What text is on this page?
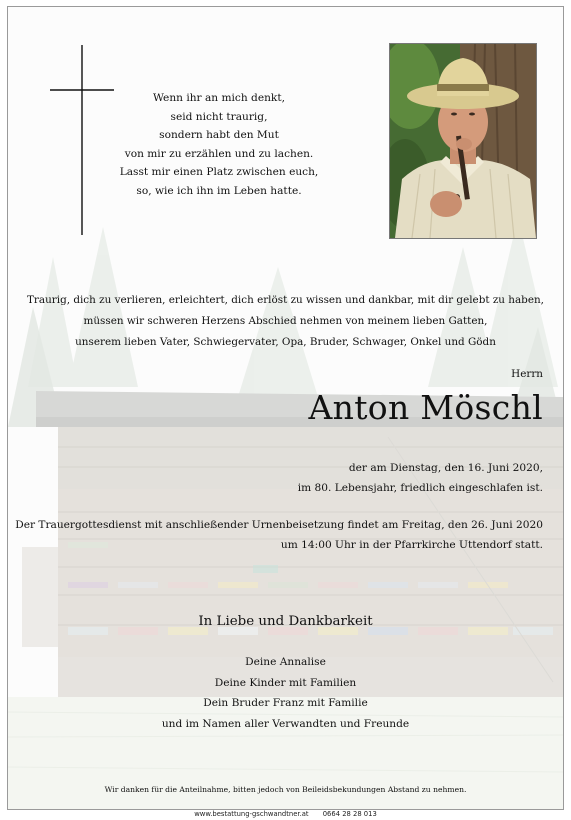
Wenn ihr an mich denkt,
seid nicht traurig,
sondern habt den Mut
von mir zu erzählen und zu lachen.
Lasst mir einen Platz zwischen euch,
so, wie ich ihn im Leben hatte.
Traurig, dich zu verlieren, erleichtert, dich erlöst zu wissen und dankbar, mit dir gelebt zu haben,
müssen wir schweren Herzens Abschied nehmen von meinem lieben Gatten,
unserem lieben Vater, Schwiegervater, Opa, Bruder, Schwager, Onkel und Gödn
Herrn
Anton Möschl
der am Dienstag, den 16. Juni 2020,
im 80. Lebensjahr, friedlich eingeschlafen ist.
Der Trauergottesdienst mit anschließender Urnenbeisetzung findet am Freitag, den 26. Juni 2020
um 14:00 Uhr in der Pfarrkirche Uttendorf statt.
In Liebe und Dankbarkeit
Deine Annalise
Deine Kinder mit Familien
Dein Bruder Franz mit Familie
und im Namen aller Verwandten und Freunde
Wir danken für die Anteilnahme, bitten jedoch von Beileidsbekundungen Abstand zu nehmen.
www.bestattung-gschwandtner.at 0664 28 28 013
